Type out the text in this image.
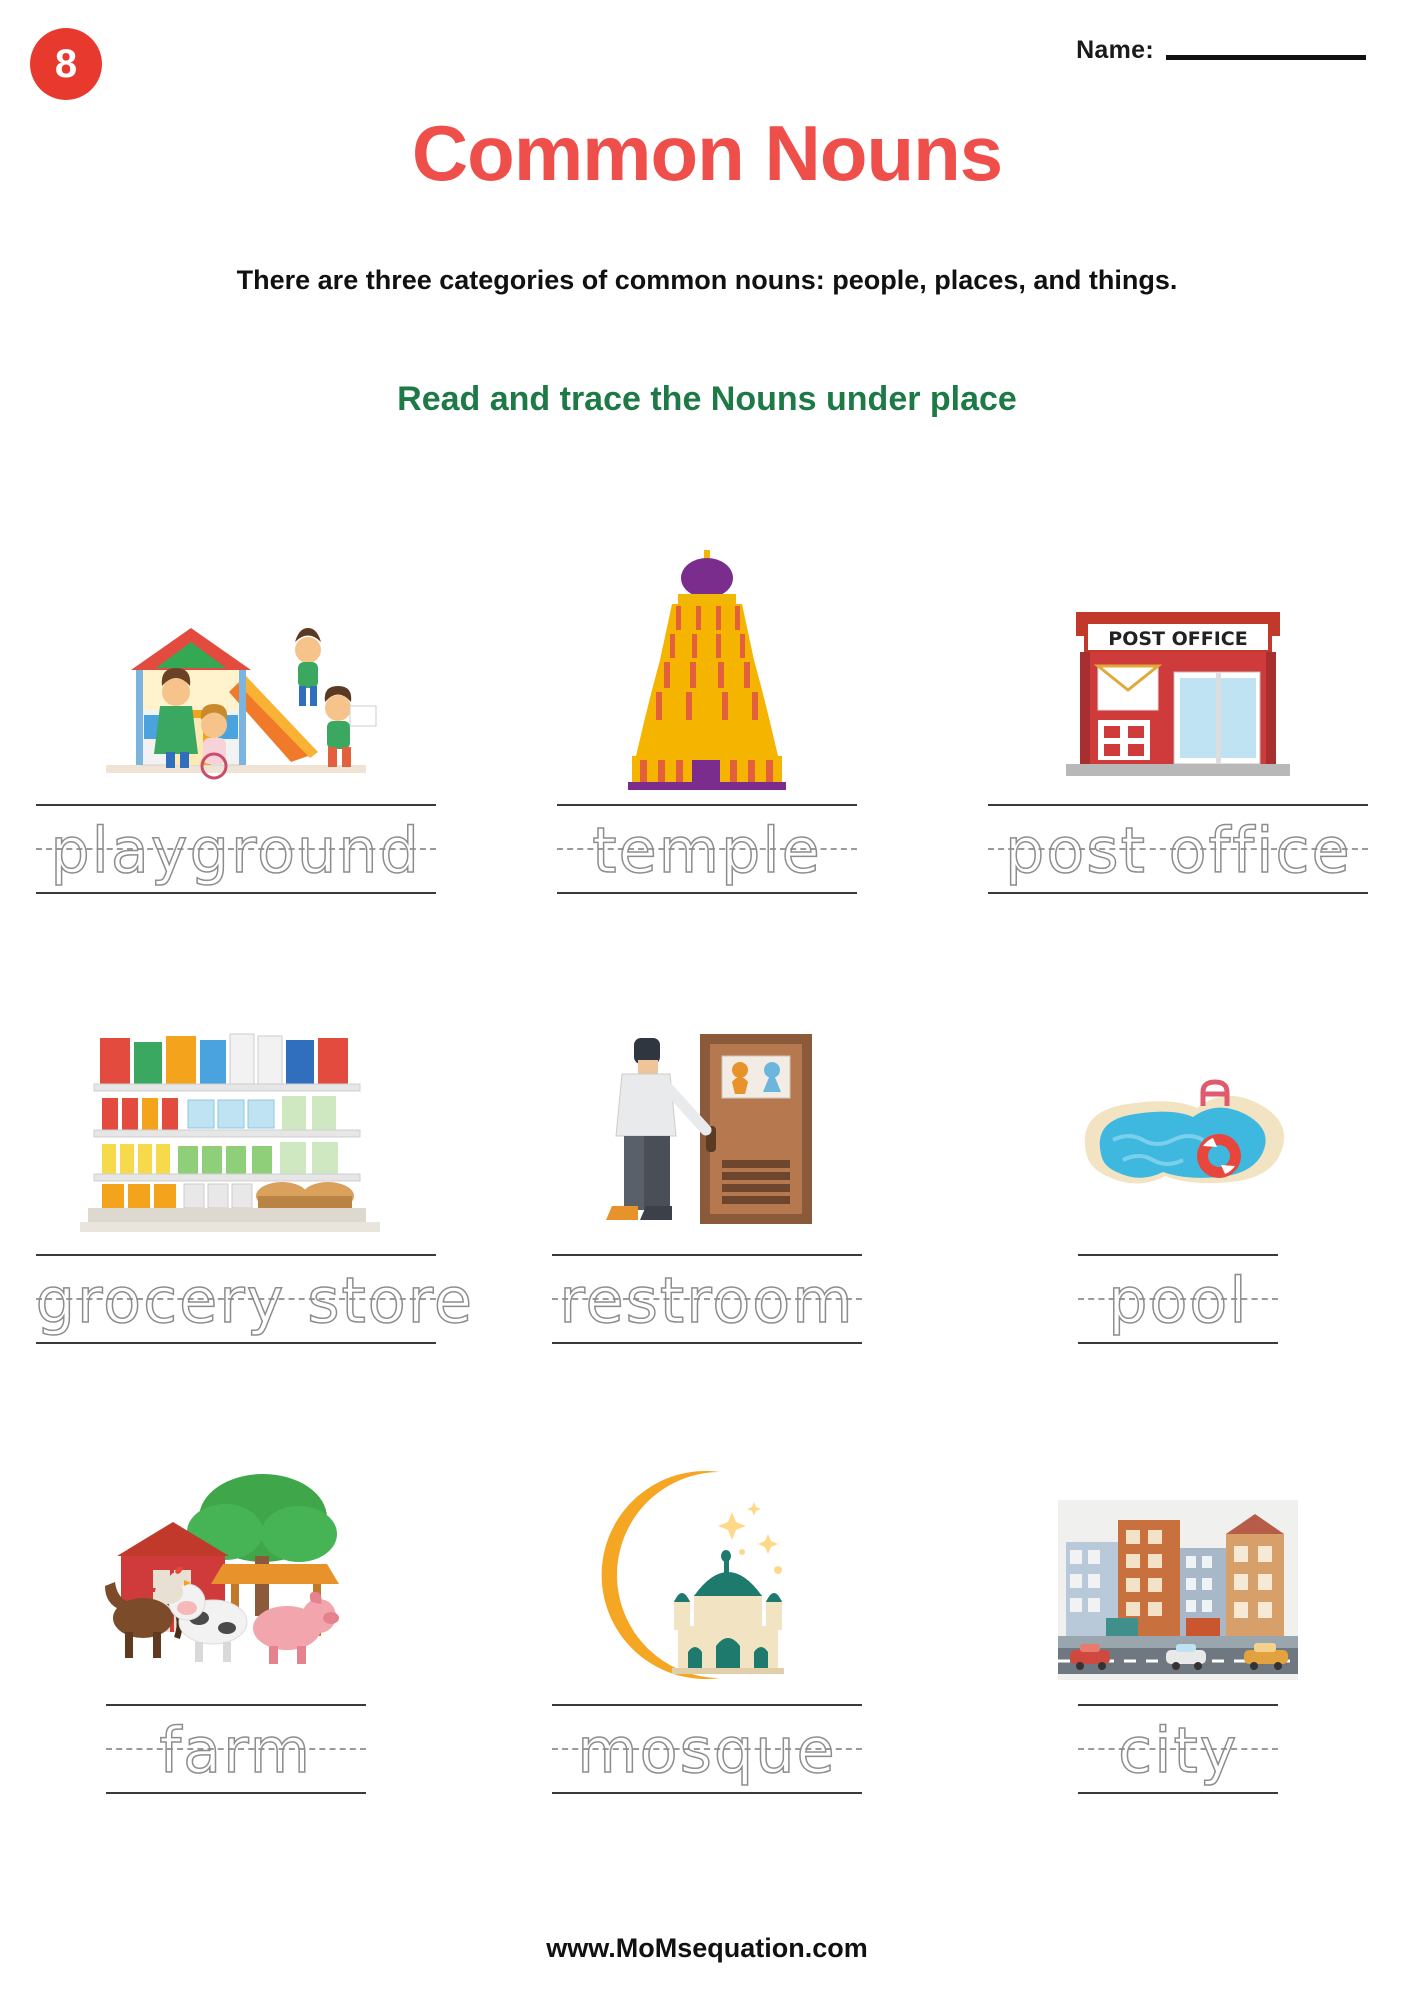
8	Name:
Common Nouns
There are three categories of common nouns: people, places, and things.
Read and trace the Nouns under place
playground	temple
POST OFFICE
post office
grocery store restroom	pool
farm	mosque	city
www.MoMsequation.com
